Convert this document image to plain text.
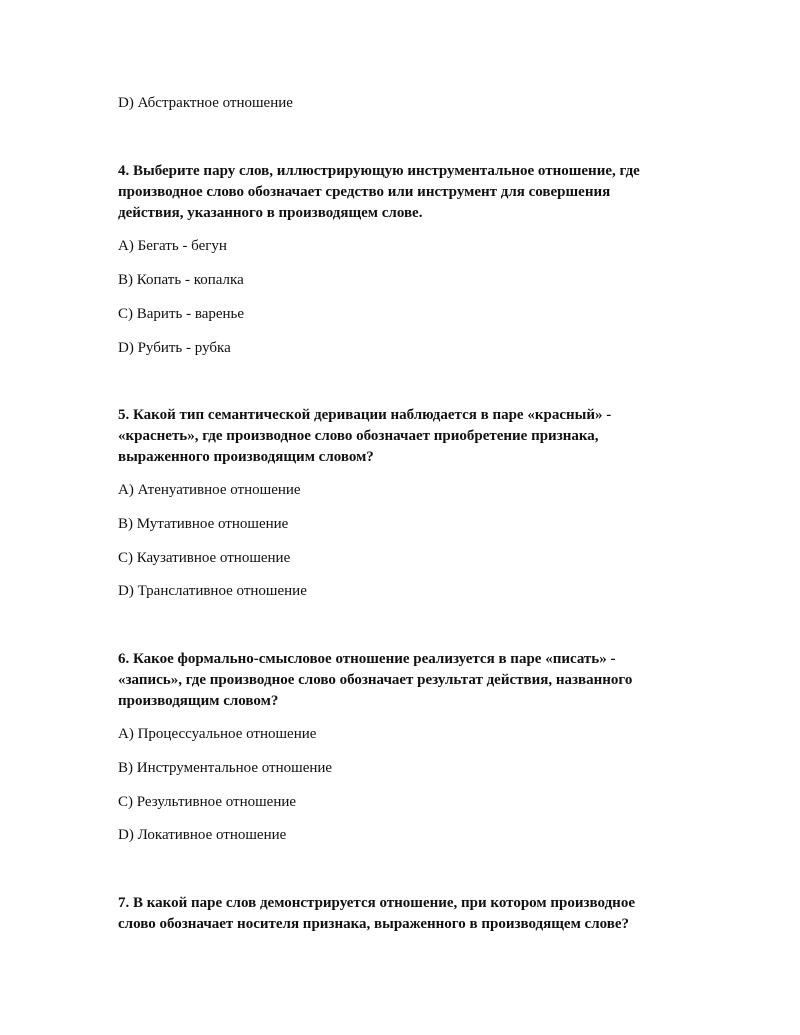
D) Абстрактное отношение
4. Выберите пару слов, иллюстрирующую инструментальное отношение, где
производное слово обозначает средство или инструмент для совершения
действия, указанного в производящем слове.
A) Бегать - бегун
B) Копать - копалка
C) Варить - варенье
D) Рубить - рубка
5. Какой тип семантической деривации наблюдается в паре «красный» -
«краснеть», где производное слово обозначает приобретение признака,
выраженного производящим словом?
A) Атенуативное отношение
B) Мутативное отношение
C) Каузативное отношение
D) Транслативное отношение
6. Какое формально-смысловое отношение реализуется в паре «писать» -
«запись», где производное слово обозначает результат действия, названного
производящим словом?
A) Процессуальное отношение
B) Инструментальное отношение
C) Результивное отношение
D) Локативное отношение
7. В какой паре слов демонстрируется отношение, при котором производное
слово обозначает носителя признака, выраженного в производящем слове?
